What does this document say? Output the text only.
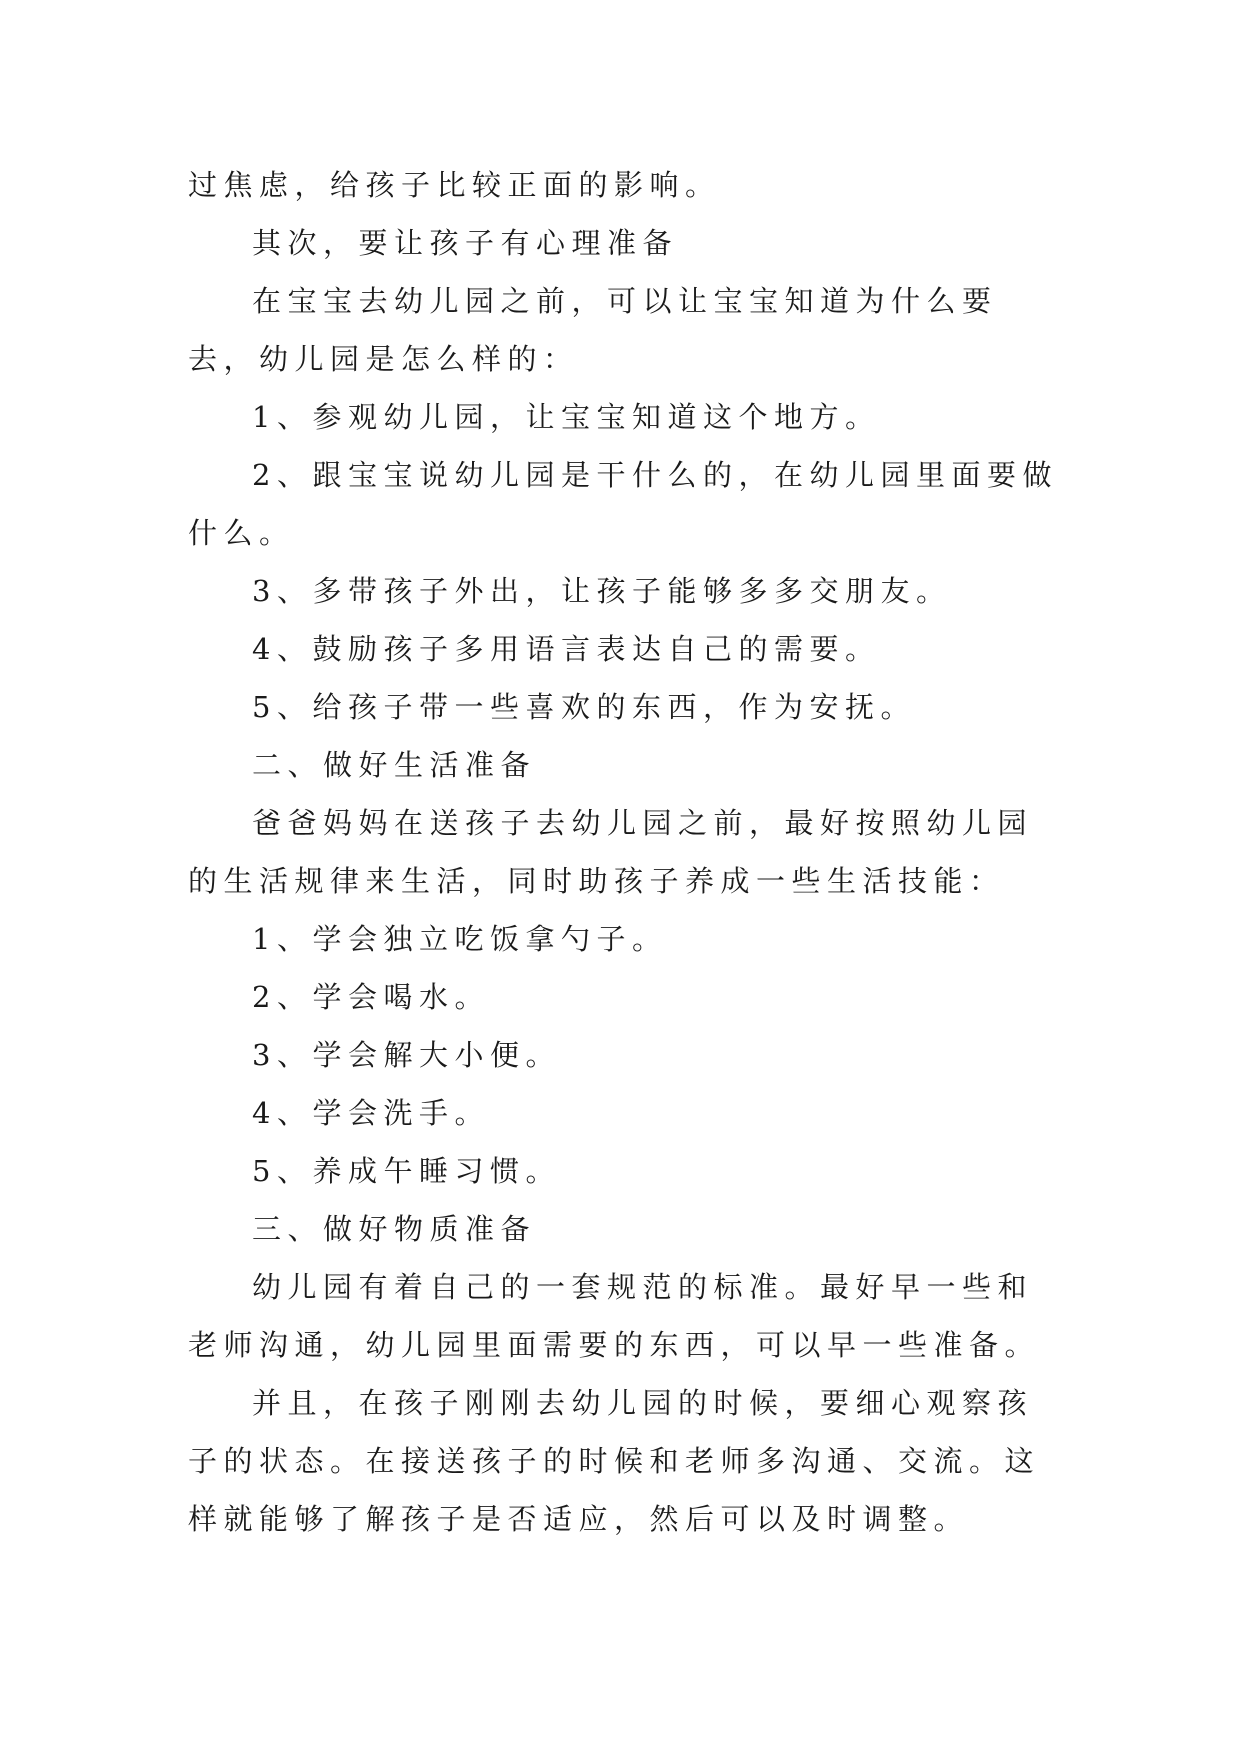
过焦虑，给孩子比较正面的影响。

其次，要让孩子有心理准备

在宝宝去幼儿园之前，可以让宝宝知道为什么要去，幼儿园是怎么样的：

1、参观幼儿园，让宝宝知道这个地方。

2、跟宝宝说幼儿园是干什么的，在幼儿园里面要做什么。

3、多带孩子外出，让孩子能够多多交朋友。

4、鼓励孩子多用语言表达自己的需要。

5、给孩子带一些喜欢的东西，作为安抚。

二、做好生活准备

爸爸妈妈在送孩子去幼儿园之前，最好按照幼儿园的生活规律来生活，同时助孩子养成一些生活技能：

1、学会独立吃饭拿勺子。

2、学会喝水。

3、学会解大小便。

4、学会洗手。

5、养成午睡习惯。

三、做好物质准备

幼儿园有着自己的一套规范的标准。最好早一些和老师沟通，幼儿园里面需要的东西，可以早一些准备。

并且，在孩子刚刚去幼儿园的时候，要细心观察孩子的状态。在接送孩子的时候和老师多沟通、交流。这样就能够了解孩子是否适应，然后可以及时调整。
